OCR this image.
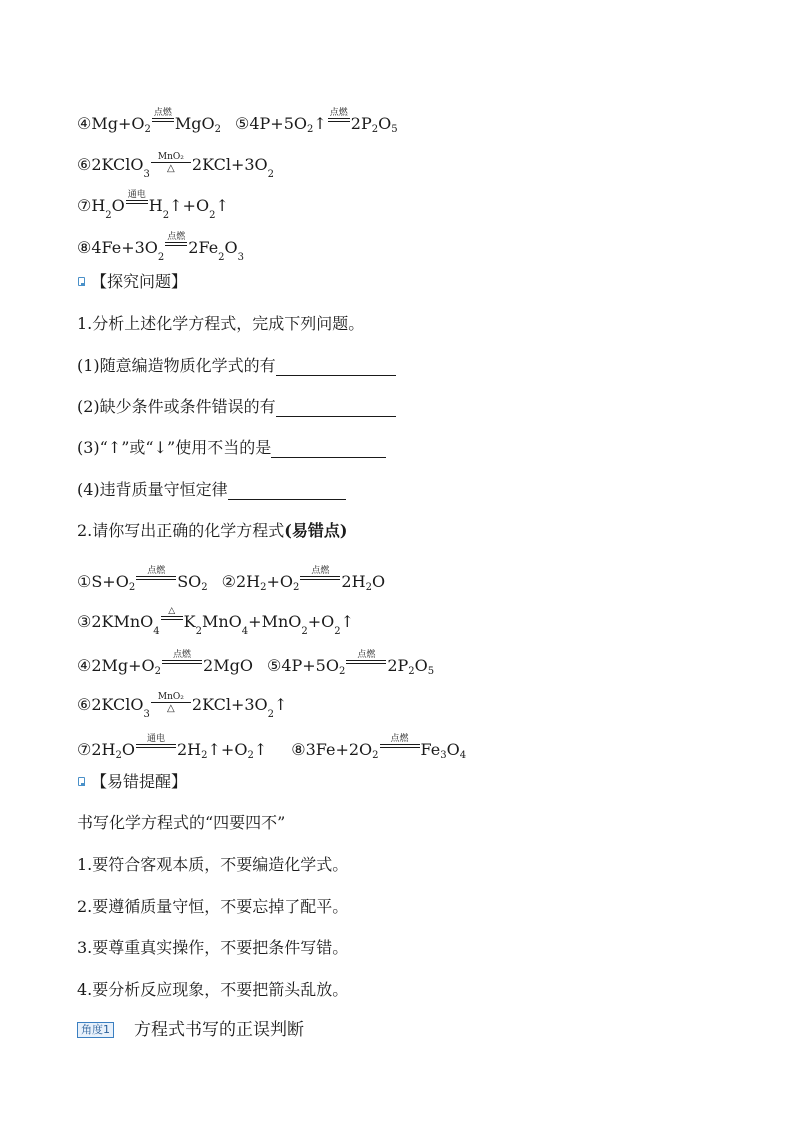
$④Mg+O_2$
点燃
MgO$_2$ $⑤4P+5O_2↑$
点燃
$2P_2O_5$
⑥ 2KClO
3
MnO₂
△ 2KCl+3O
2
⑦ H
2
O
通电
H
2
↑+O
2
↑
⑧ 4Fe+3O
2
点燃
2Fe
2
O
3
【探究问题】
1.分析上述化学方程式，完成下列问题。
(1)随意编造物质化学式的有
(2)缺少条件或条件错误的有
(3)“↑”或“↓”使用不当的是
(4)违背质量守恒定律
2.请你写出正确的化学方程式(易错点)
$①S+O_2$
点燃
$SO_2$ $②2H_2+O_2$
点燃
$2H_2O$
③ 2KMnO
4
△
K
2
MnO
4
+MnO
2
+O
2
↑
$④2Mg+O_2$
点燃
2MgO $⑤4P+5O_2$
点燃
$2P_2O_5$
⑥ 2KClO
3
MnO₂
△ 2KCl+3O
2
↑
$⑦2H_2O$
通电
$2H_2↑+O_2↑$ $⑧3Fe+2O_2$
点燃
$Fe_3O_4$
【易错提醒】
书写化学方程式的“四要四不”
1.要符合客观本质，不要编造化学式。
2.要遵循质量守恒，不要忘掉了配平。
3.要尊重真实操作，不要把条件写错。
4.要分析反应现象，不要把箭头乱放。
角度1 方程式书写的正误判断
